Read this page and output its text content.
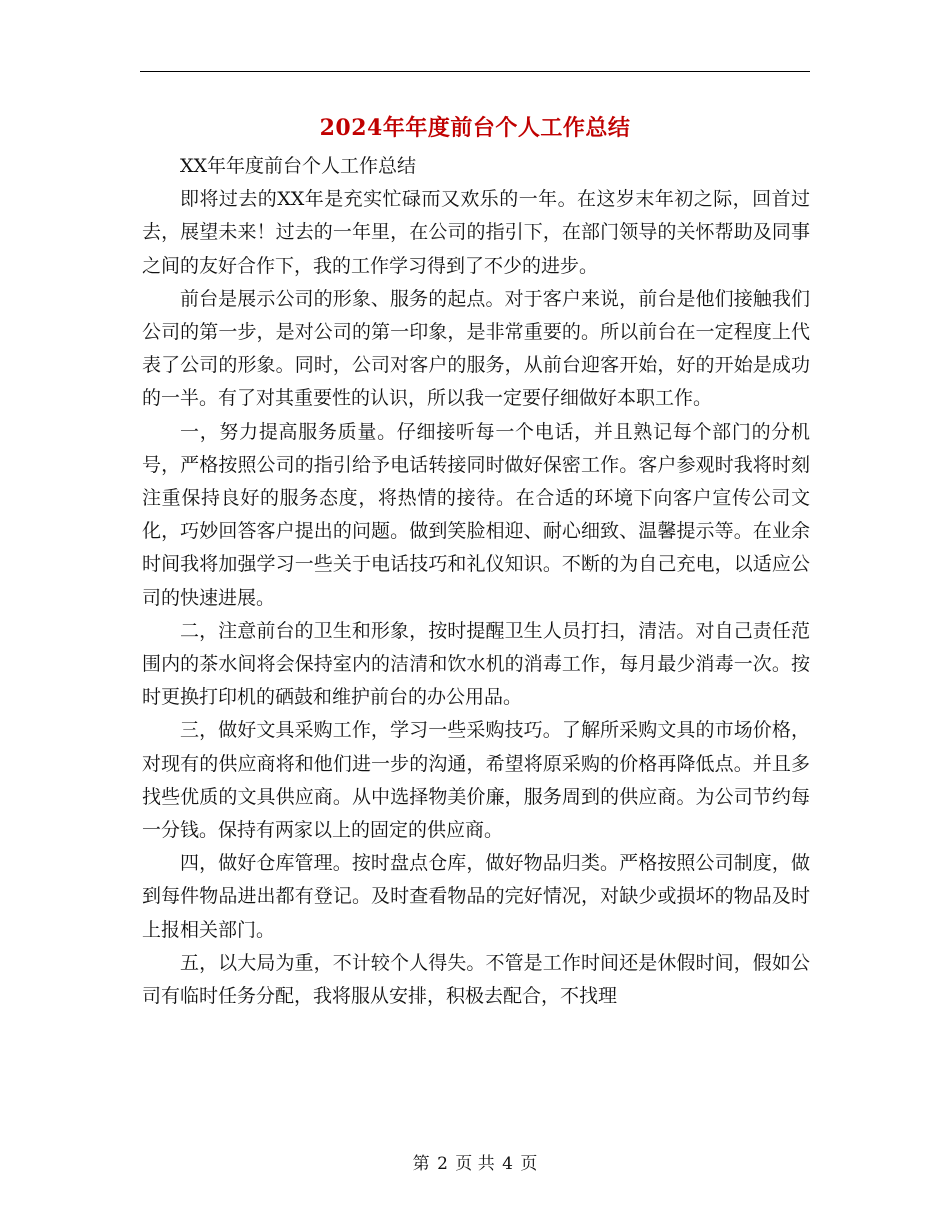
2024年年度前台个人工作总结

XX年年度前台个人工作总结

即将过去的XX年是充实忙碌而又欢乐的一年。在这岁末年初之际，回首过去，展望未来！过去的一年里，在公司的指引下，在部门领导的关怀帮助及同事之间的友好合作下，我的工作学习得到了不少的进步。

前台是展示公司的形象、服务的起点。对于客户来说，前台是他们接触我们公司的第一步，是对公司的第一印象，是非常重要的。所以前台在一定程度上代表了公司的形象。同时，公司对客户的服务，从前台迎客开始，好的开始是成功的一半。有了对其重要性的认识，所以我一定要仔细做好本职工作。

一，努力提高服务质量。仔细接听每一个电话，并且熟记每个部门的分机号，严格按照公司的指引给予电话转接同时做好保密工作。客户参观时我将时刻注重保持良好的服务态度，将热情的接待。在合适的环境下向客户宣传公司文化，巧妙回答客户提出的问题。做到笑脸相迎、耐心细致、温馨提示等。在业余时间我将加强学习一些关于电话技巧和礼仪知识。不断的为自己充电，以适应公司的快速进展。

二，注意前台的卫生和形象，按时提醒卫生人员打扫，清洁。对自己责任范围内的茶水间将会保持室内的洁清和饮水机的消毒工作，每月最少消毒一次。按时更换打印机的硒鼓和维护前台的办公用品。

三，做好文具采购工作，学习一些采购技巧。了解所采购文具的市场价格，对现有的供应商将和他们进一步的沟通，希望将原采购的价格再降低点。并且多找些优质的文具供应商。从中选择物美价廉，服务周到的供应商。为公司节约每一分钱。保持有两家以上的固定的供应商。

四，做好仓库管理。按时盘点仓库，做好物品归类。严格按照公司制度，做到每件物品进出都有登记。及时查看物品的完好情况，对缺少或损坏的物品及时上报相关部门。

五，以大局为重，不计较个人得失。不管是工作时间还是休假时间，假如公司有临时任务分配，我将服从安排，积极去配合，不找理

第 2 页 共 4 页
